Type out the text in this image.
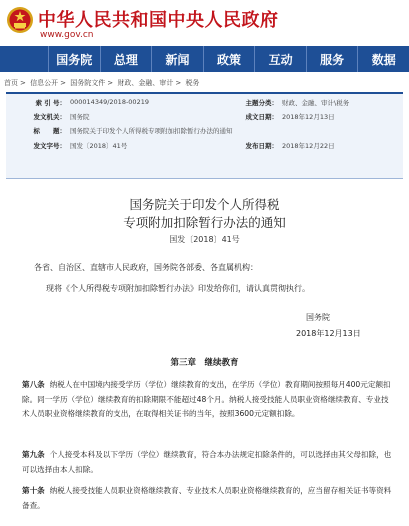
中华人民共和国中央人民政府
www.gov.cn
国务院	总理	新闻	政策	互动	服务	数据
首页 > 信息公开 > 国务院文件 > 财政、金融、审计 > 税务
索 引 号： 000014349/2018-00219	主题分类： 财政、金融、审计\税务
发文机关： 国务院	成文日期： 2018年12月13日
标　　题： 国务院关于印发个人所得税专项附加扣除暂行办法的通知
发文字号： 国发〔2018〕41号	发布日期： 2018年12月22日
国务院关于印发个人所得税
专项附加扣除暂行办法的通知
国发〔2018〕41号
各省、自治区、直辖市人民政府，国务院各部委、各直属机构：
现将《个人所得税专项附加扣除暂行办法》印发给你们，请认真贯彻执行。
国务院
2018年12月13日
第三章　继续教育
第八条 纳税人在中国境内接受学历（学位）继续教育的支出，在学历（学位）教育期间按照每月400元定额扣除。同一学历（学位）继续教育的扣除期限不能超过48个月。纳税人接受技能人员职业资格继续教育、专业技术人员职业资格继续教育的支出，在取得相关证书的当年，按照3600元定额扣除。
第九条 个人接受本科及以下学历（学位）继续教育，符合本办法规定扣除条件的，可以选择由其父母扣除，也可以选择由本人扣除。
第十条 纳税人接受技能人员职业资格继续教育、专业技术人员职业资格继续教育的，应当留存相关证书等资料备查。
